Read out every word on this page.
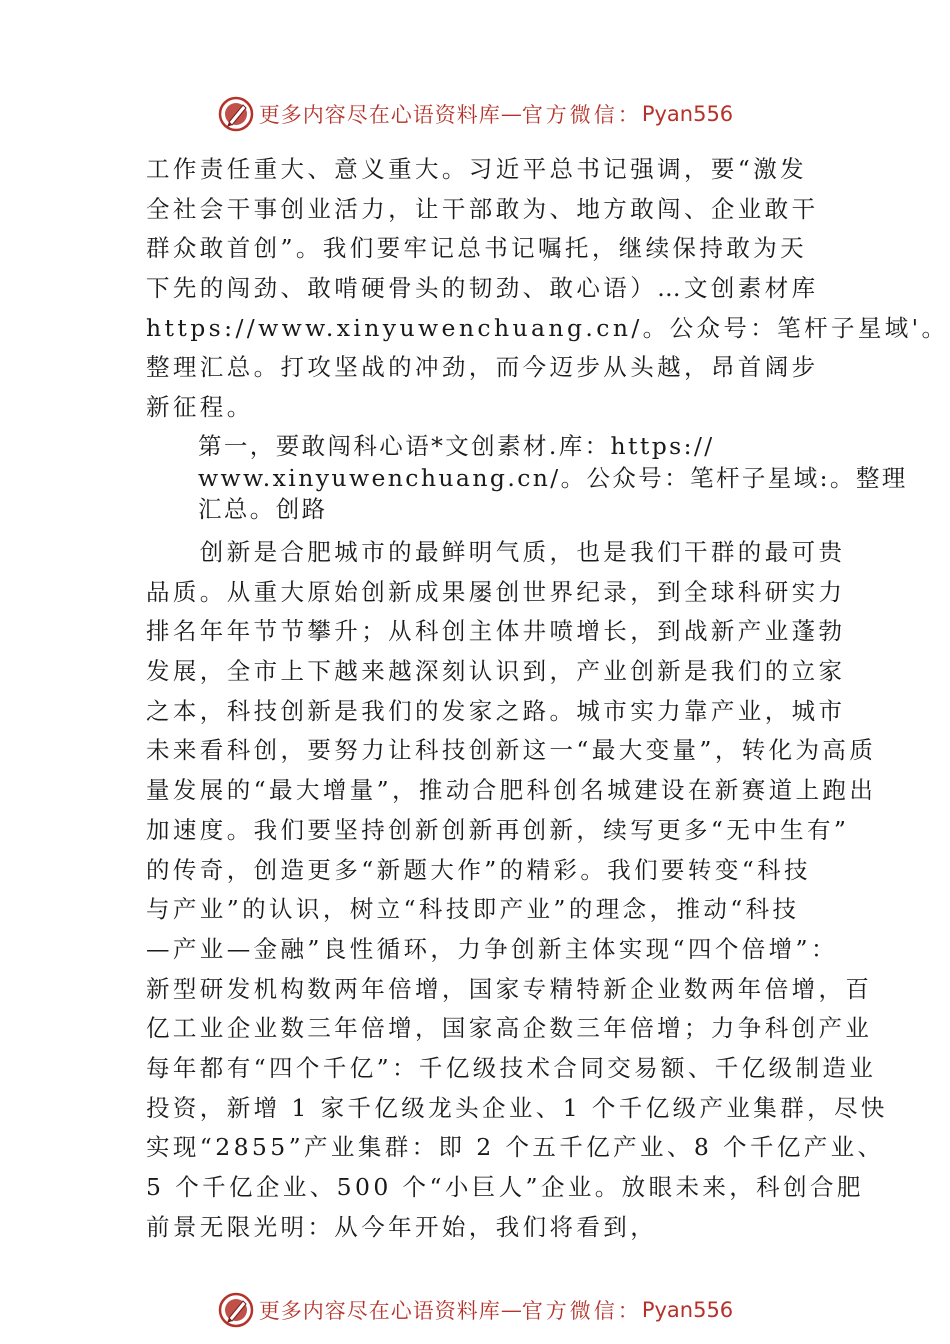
更多内容尽在心语资料库 — 官方微信： Pyan556
工作责任重大、意义重大。习近平总书记强调，要“激发
全社会干事创业活力，让干部敢为、地方敢闯、企业敢干
群众敢首创”。我们要牢记总书记嘱托，继续保持敢为天
下先的闯劲、敢啃硬骨头的韧劲、敢心语）…文创素材库
https://www.xinyuwenchuang.cn/。公众号：笔杆子星域'。
整理汇总。打攻坚战的冲劲，而今迈步从头越，昂首阔步
新征程。
第一，要敢闯科心语*文创素材.库：https://
www.xinyuwenchuang.cn/。公众号：笔杆子星域:。整理
汇总。创路
　　创新是合肥城市的最鲜明气质，也是我们干群的最可贵
品质。从重大原始创新成果屡创世界纪录，到全球科研实力
排名年年节节攀升；从科创主体井喷增长，到战新产业蓬勃
发展，全市上下越来越深刻认识到，产业创新是我们的立家
之本，科技创新是我们的发家之路。城市实力靠产业，城市
未来看科创，要努力让科技创新这一“最大变量”，转化为高质
量发展的“最大增量”，推动合肥科创名城建设在新赛道上跑出
加速度。我们要坚持创新创新再创新，续写更多“无中生有”
的传奇，创造更多“新题大作”的精彩。我们要转变“科技
与产业”的认识，树立“科技即产业”的理念，推动“科技
—产业—金融”良性循环，力争创新主体实现“四个倍增”：
新型研发机构数两年倍增，国家专精特新企业数两年倍增，百
亿工业企业数三年倍增，国家高企数三年倍增；力争科创产业
每年都有“四个千亿”：千亿级技术合同交易额、千亿级制造业
投资，新增 1 家千亿级龙头企业、1 个千亿级产业集群，尽快
实现“2855”产业集群：即 2 个五千亿产业、8 个千亿产业、
5 个千亿企业、500 个“小巨人”企业。放眼未来，科创合肥
前景无限光明：从今年开始，我们将看到，
更多内容尽在心语资料库 — 官方微信： Pyan556
